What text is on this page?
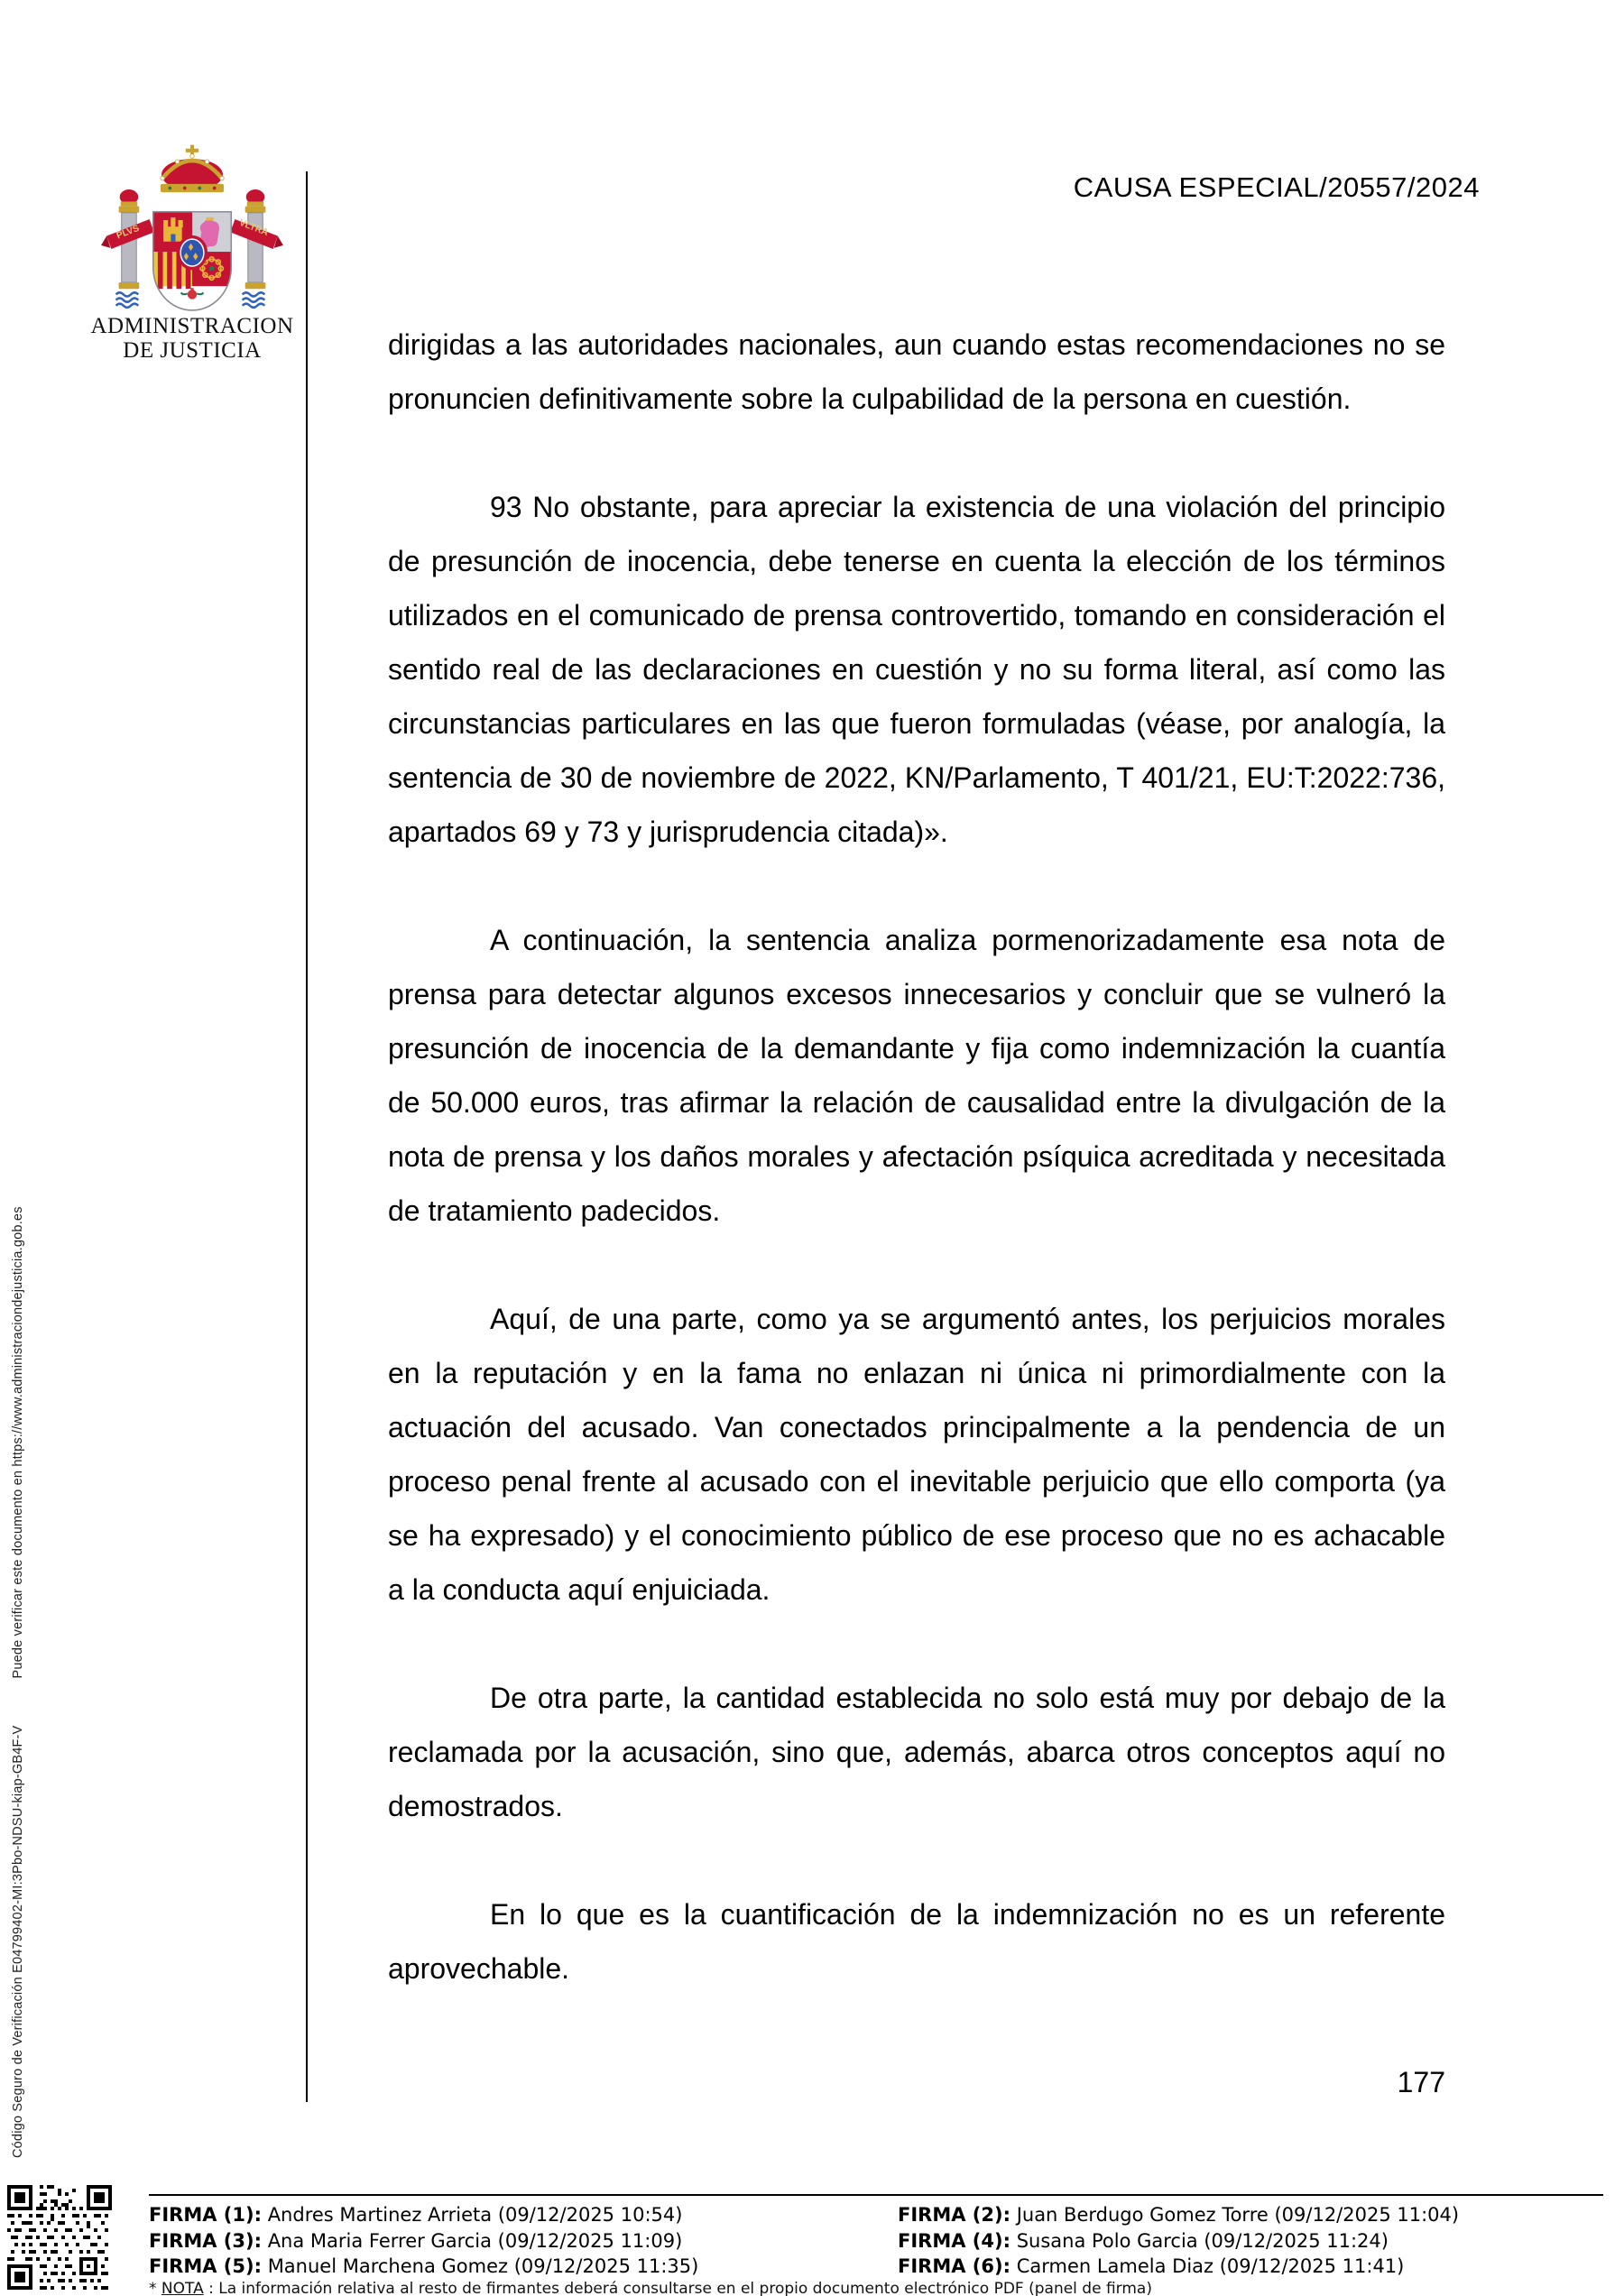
PLVS	VLTRA
ADMINISTRACION
DE JUSTICIA
CAUSA ESPECIAL/20557/2024

dirigidas a las autoridades nacionales, aun cuando estas recomendaciones no se pronuncien definitivamente sobre la culpabilidad de la persona en cuestión.

93 No obstante, para apreciar la existencia de una violación del principio de presunción de inocencia, debe tenerse en cuenta la elección de los términos utilizados en el comunicado de prensa controvertido, tomando en consideración el sentido real de las declaraciones en cuestión y no su forma literal, así como las circunstancias particulares en las que fueron formuladas (véase, por analogía, la sentencia de 30 de noviembre de 2022, KN/Parlamento, T 401/21, EU:T:2022:736, apartados 69 y 73 y jurisprudencia citada)».

A continuación, la sentencia analiza pormenorizadamente esa nota de prensa para detectar algunos excesos innecesarios y concluir que se vulneró la presunción de inocencia de la demandante y fija como indemnización la cuantía de 50.000 euros, tras afirmar la relación de causalidad entre la divulgación de la nota de prensa y los daños morales y afectación psíquica acreditada y necesitada de tratamiento padecidos.

Aquí, de una parte, como ya se argumentó antes, los perjuicios morales en la reputación y en la fama no enlazan ni única ni primordialmente con la actuación del acusado. Van conectados principalmente a la pendencia de un proceso penal frente al acusado con el inevitable perjuicio que ello comporta (ya se ha expresado) y el conocimiento público de ese proceso que no es achacable a la conducta aquí enjuiciada.

De otra parte, la cantidad establecida no solo está muy por debajo de la reclamada por la acusación, sino que, además, abarca otros conceptos aquí no demostrados.

En lo que es la cuantificación de la indemnización no es un referente aprovechable.

177
Código Seguro de Verificación E04799402-MI:3Pbo-NDSU-kiap-GB4F-VPuede verificar este documento en https://www.administraciondejusticia.gob.es
FIRMA (1): Andres Martinez Arrieta (09/12/2025 10:54)	FIRMA (2): Juan Berdugo Gomez Torre (09/12/2025 11:04)
FIRMA (3): Ana Maria Ferrer Garcia (09/12/2025 11:09)	FIRMA (4): Susana Polo Garcia (09/12/2025 11:24)
FIRMA (5): Manuel Marchena Gomez (09/12/2025 11:35)	FIRMA (6): Carmen Lamela Diaz (09/12/2025 11:41)
* NOTA : La información relativa al resto de firmantes deberá consultarse en el propio documento electrónico PDF (panel de firma)
